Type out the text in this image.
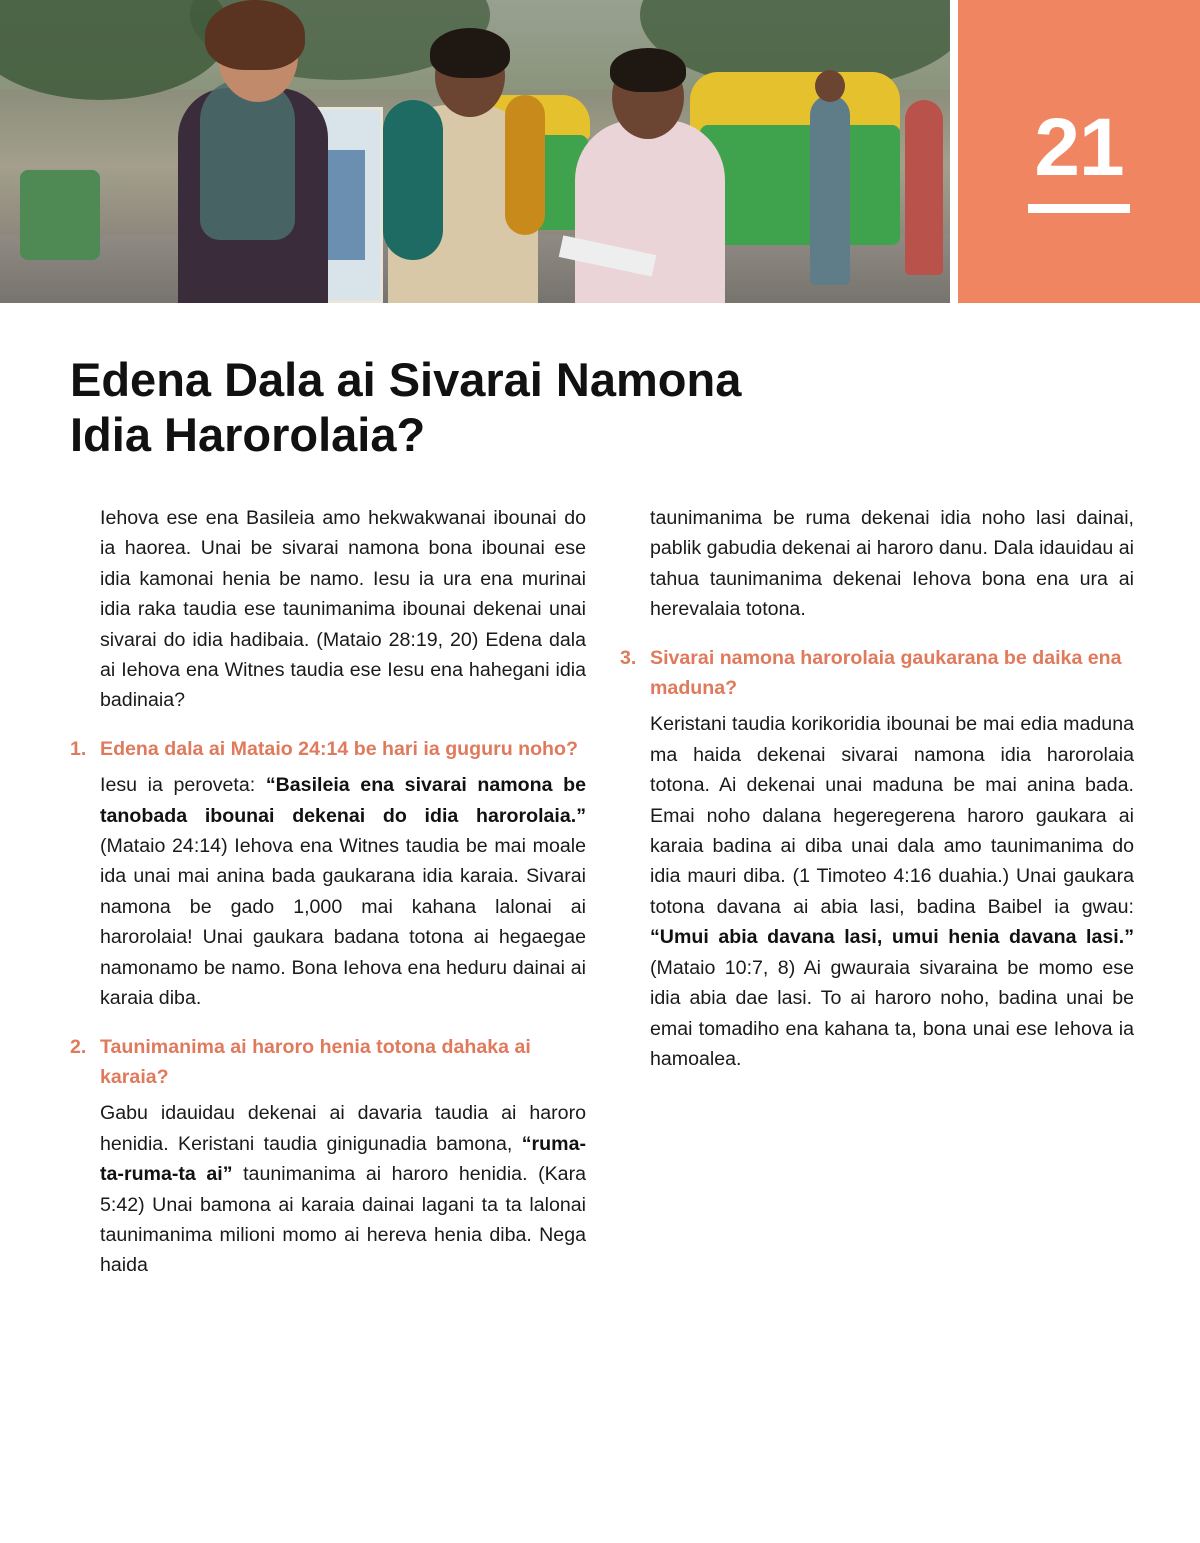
21
Edena Dala ai Sivarai Namona
Idia Harorolaia?

Iehova ese ena Basileia amo hekwakwanai ibounai do ia haorea. Unai be sivarai namona bona ibounai ese idia kamonai henia be namo. Iesu ia ura ena murinai idia raka taudia ese taunimanima ibounai dekenai unai sivarai do idia hadibaia. (Mataio 28:19, 20) Edena dala ai Iehova ena Witnes taudia ese Iesu ena hahegani idia badinaia?

1. Edena dala ai Mataio 24:14 be hari ia guguru noho?

Iesu ia peroveta: “Basileia ena sivarai namona be tanobada ibounai dekenai do idia harorolaia.” (Mataio 24:14) Iehova ena Witnes taudia be mai moale ida unai mai anina bada gaukarana idia karaia. Sivarai namona be gado 1,000 mai kahana lalonai ai harorolaia! Unai gaukara badana totona ai hegaegae namonamo be namo. Bona Iehova ena heduru dainai ai karaia diba.

2. Taunimanima ai haroro henia totona dahaka ai karaia?

Gabu idauidau dekenai ai davaria taudia ai haroro henidia. Keristani taudia ginigunadia bamona, “ruma-ta-ruma-ta ai” taunimanima ai haroro henidia. (Kara 5:42) Unai bamona ai karaia dainai lagani ta ta lalonai taunimanima milioni momo ai hereva henia diba. Nega haida

taunimanima be ruma dekenai idia noho lasi dainai, pablik gabudia dekenai ai haroro danu. Dala idauidau ai tahua taunimanima dekenai Iehova bona ena ura ai herevalaia totona.

3. Sivarai namona harorolaia gaukarana be daika ena maduna?

Keristani taudia korikoridia ibounai be mai edia maduna ma haida dekenai sivarai namona idia harorolaia totona. Ai dekenai unai maduna be mai anina bada. Emai noho dalana hegeregerena haroro gaukara ai karaia badina ai diba unai dala amo taunimanima do idia mauri diba. (1 Timoteo 4:16 duahia.) Unai gaukara totona davana ai abia lasi, badina Baibel ia gwau: “Umui abia davana lasi, umui henia davana lasi.” (Mataio 10:7, 8) Ai gwauraia sivaraina be momo ese idia abia dae lasi. To ai haroro noho, badina unai be emai tomadiho ena kahana ta, bona unai ese Iehova ia hamoalea.
